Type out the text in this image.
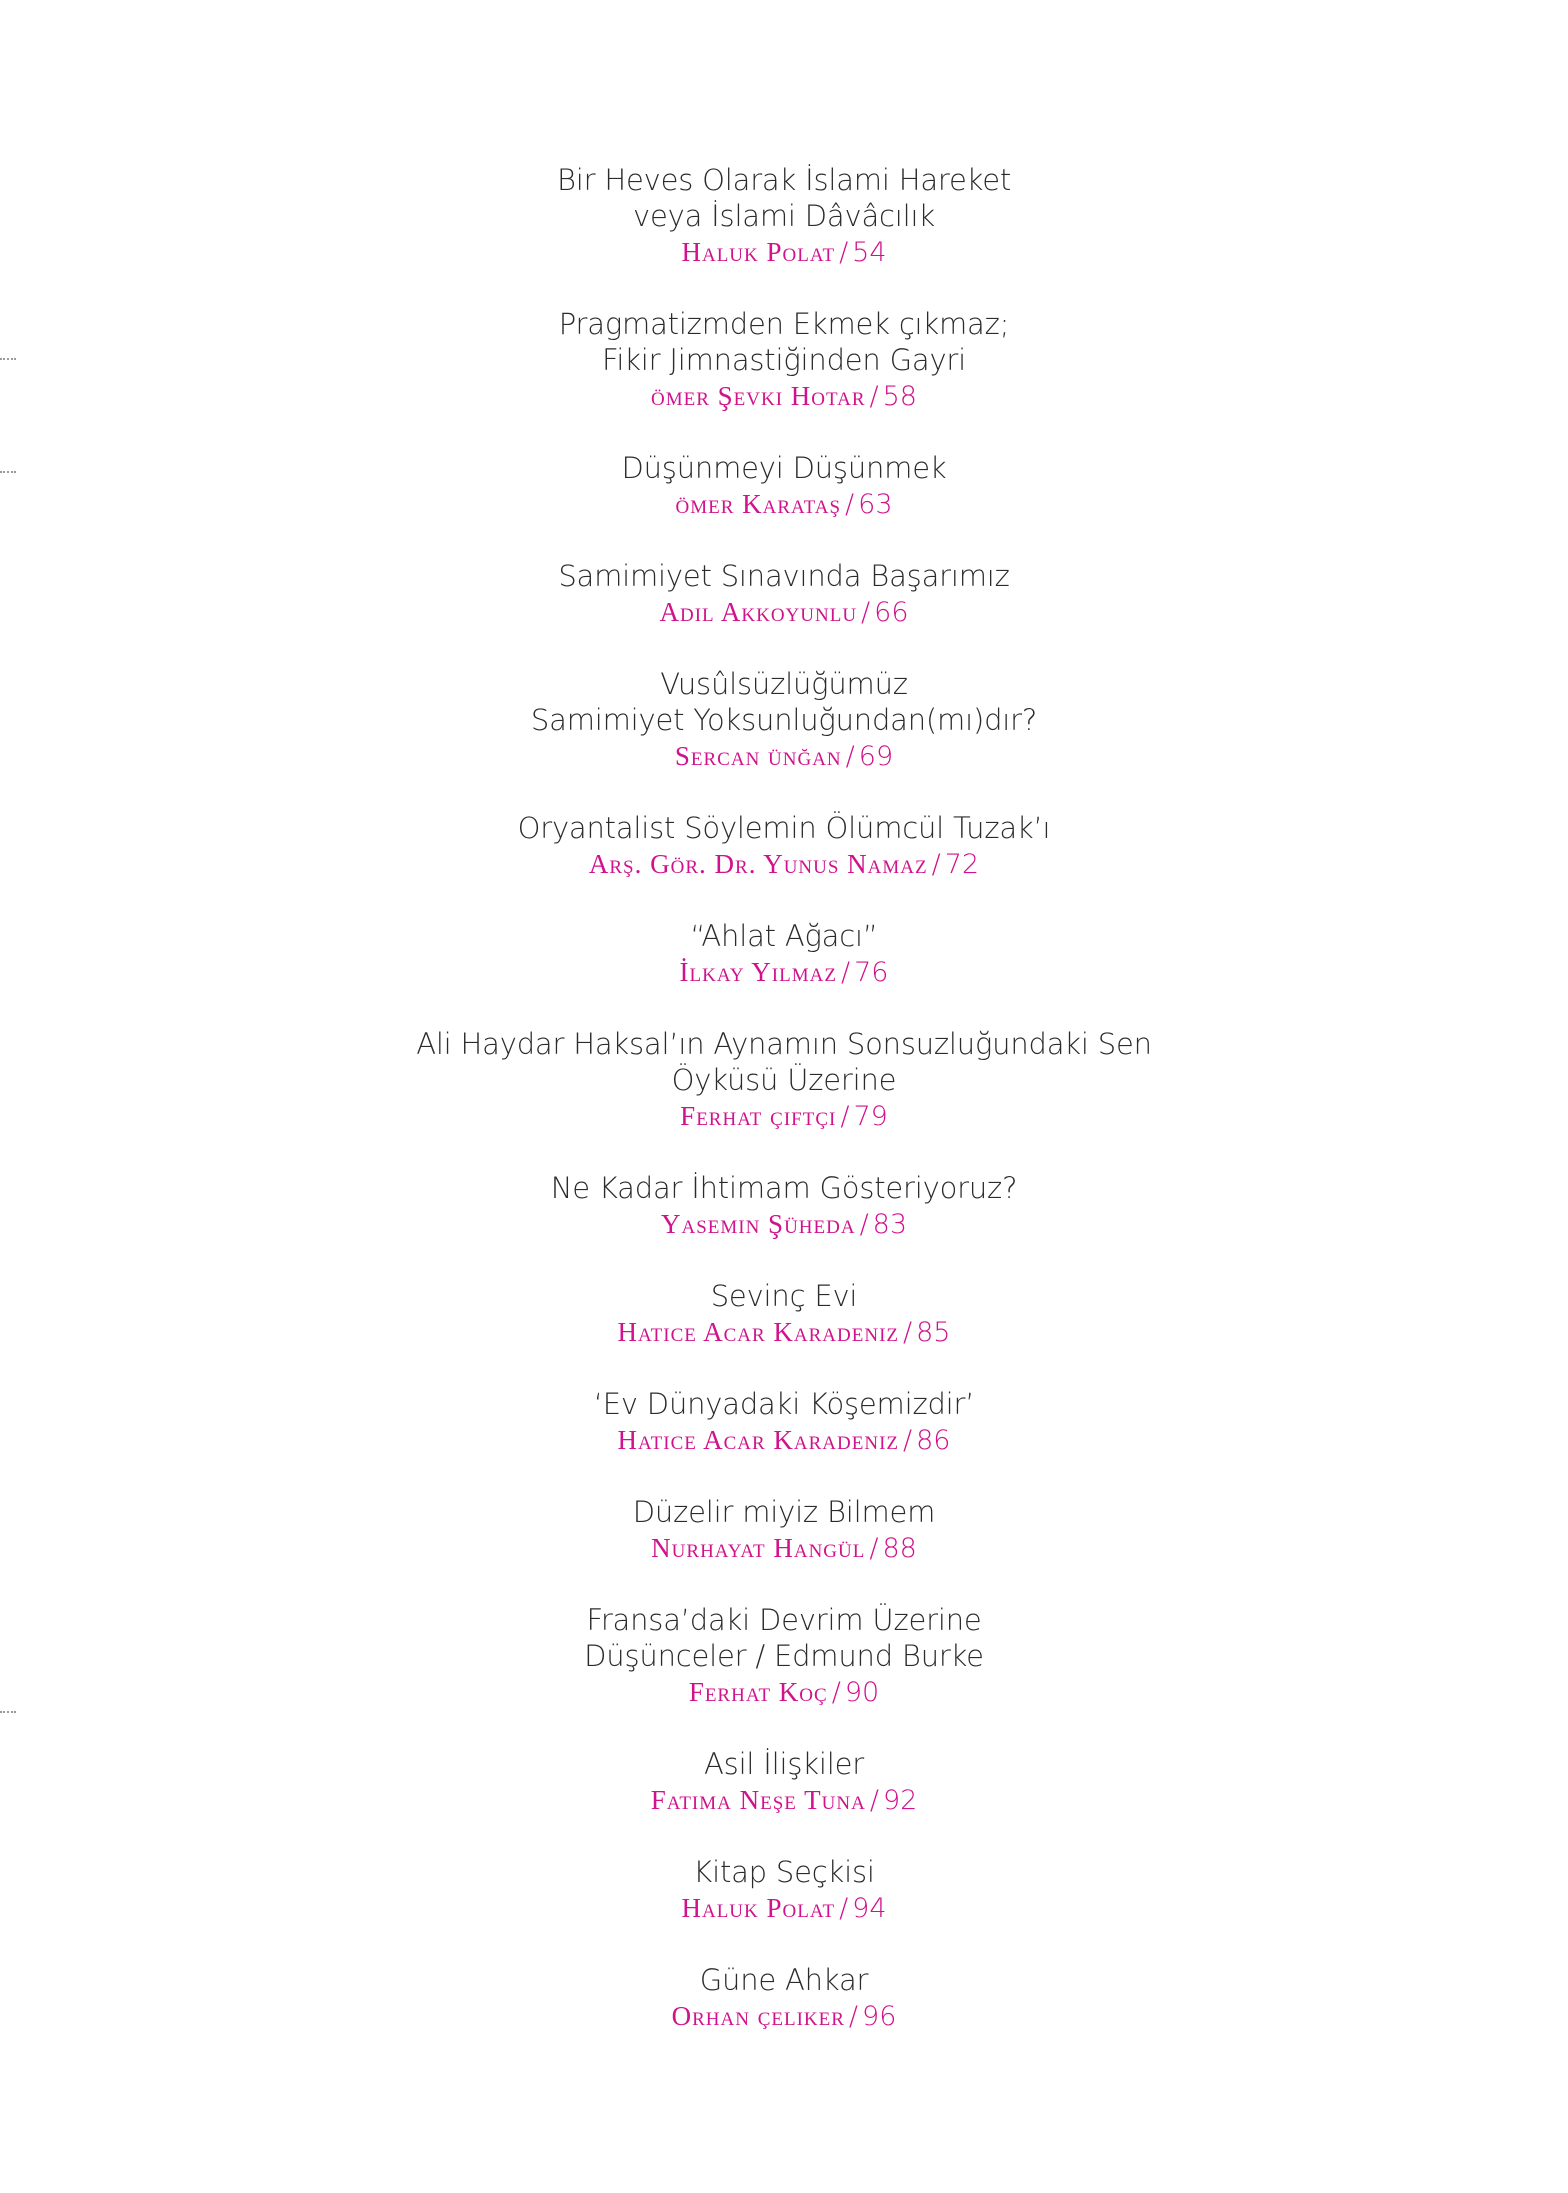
Bir Heves Olarak İslami Hareket
veya İslami Dâvâcılık
Haluk Polat / 54
Pragmatizmden Ekmek çıkmaz;
Fikir Jimnastiğinden Gayri
ömer Şevki Hotar / 58
Düşünmeyi Düşünmek
ömer Karataş / 63
Samimiyet Sınavında Başarımız
Adil Akkoyunlu / 66
Vusûlsüzlüğümüz
Samimiyet Yoksunluğundan(mı)dır?
Sercan ünğan / 69
Oryantalist Söylemin Ölümcül Tuzak’ı
Arş. Gör. Dr. Yunus Namaz / 72
“Ahlat Ağacı”
İlkay Yılmaz / 76
Ali Haydar Haksal’ın Aynamın Sonsuzluğundaki Sen
Öyküsü Üzerine
Ferhat çiftçi / 79
Ne Kadar İhtimam Gösteriyoruz?
Yasemin Şüheda / 83
Sevinç Evi
Hatice Acar Karadeniz / 85
‘Ev Dünyadaki Köşemizdir’
Hatice Acar Karadeniz / 86
Düzelir miyiz Bilmem
Nurhayat Hangül / 88
Fransa’daki Devrim Üzerine
Düşünceler / Edmund Burke
Ferhat Koç / 90
Asil İlişkiler
Fatıma Neşe Tuna / 92
Kitap Seçkisi
Haluk Polat / 94
Güne Ahkar
Orhan çeliker / 96
